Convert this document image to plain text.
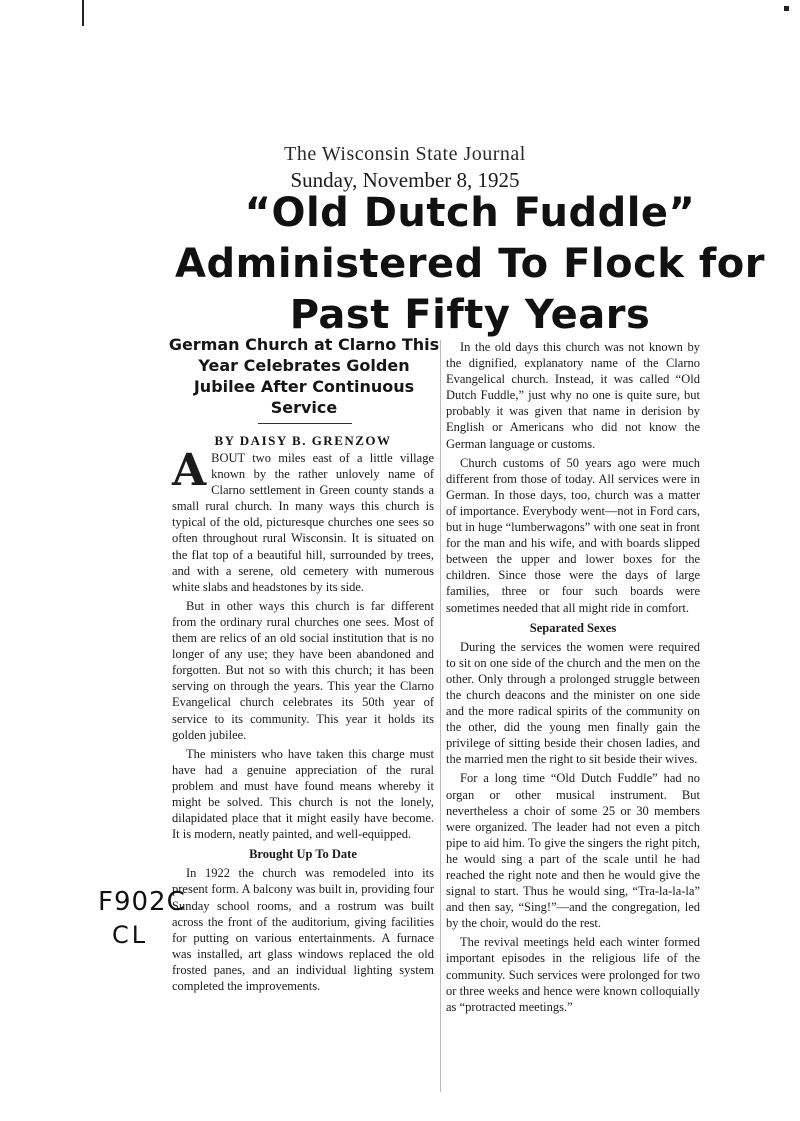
The Wisconsin State Journal
Sunday, November 8, 1925
“Old Dutch Fuddle” Administered To Flock for Past Fifty Years
German Church at Clarno This Year Celebrates Golden Jubilee After Continuous Service
BY DAISY B. GRENZOW

ABOUT two miles east of a little village known by the rather unlovely name of Clarno settlement in Green county stands a small rural church. In many ways this church is typical of the old, picturesque churches one sees so often throughout rural Wisconsin. It is situated on the flat top of a beautiful hill, surrounded by trees, and with a serene, old cemetery with numerous white slabs and headstones by its side.

But in other ways this church is far different from the ordinary rural churches one sees. Most of them are relics of an old social institution that is no longer of any use; they have been abandoned and forgotten. But not so with this church; it has been serving on through the years. This year the Clarno Evangelical church celebrates its 50th year of service to its community. This year it holds its golden jubilee.

The ministers who have taken this charge must have had a genuine appreciation of the rural problem and must have found means whereby it might be solved. This church is not the lonely, dilapidated place that it might easily have become. It is modern, neatly painted, and well-equipped.

Brought Up To Date

In 1922 the church was remodeled into its present form. A balcony was built in, providing four Sunday school rooms, and a rostrum was built across the front of the auditorium, giving facilities for putting on various entertainments. A furnace was installed, art glass windows replaced the old frosted panes, and an individual lighting system completed the improvements.

In the old days this church was not known by the dignified, explanatory name of the Clarno Evangelical church. Instead, it was called “Old Dutch Fuddle,” just why no one is quite sure, but probably it was given that name in derision by English or Americans who did not know the German language or customs.

Church customs of 50 years ago were much different from those of today. All services were in German. In those days, too, church was a matter of importance. Everybody went—not in Ford cars, but in huge “lumberwagons” with one seat in front for the man and his wife, and with boards slipped between the upper and lower boxes for the children. Since those were the days of large families, three or four such boards were sometimes needed that all might ride in comfort.

Separated Sexes

During the services the women were required to sit on one side of the church and the men on the other. Only through a prolonged struggle between the church deacons and the minister on one side and the more radical spirits of the community on the other, did the young men finally gain the privilege of sitting beside their chosen ladies, and the married men the right to sit beside their wives.

For a long time “Old Dutch Fuddle” had no organ or other musical instrument. But nevertheless a choir of some 25 or 30 members were organized. The leader had not even a pitch pipe to aid him. To give the singers the right pitch, he would sing a part of the scale until he had reached the right note and then he would give the signal to start. Thus he would sing, “Tra-la-la-la” and then say, “Sing!”—and the congregation, led by the choir, would do the rest.

The revival meetings held each winter formed important episodes in the religious life of the community. Such services were prolonged for two or three weeks and hence were known colloquially as “protracted meetings.”

F902C
CL
